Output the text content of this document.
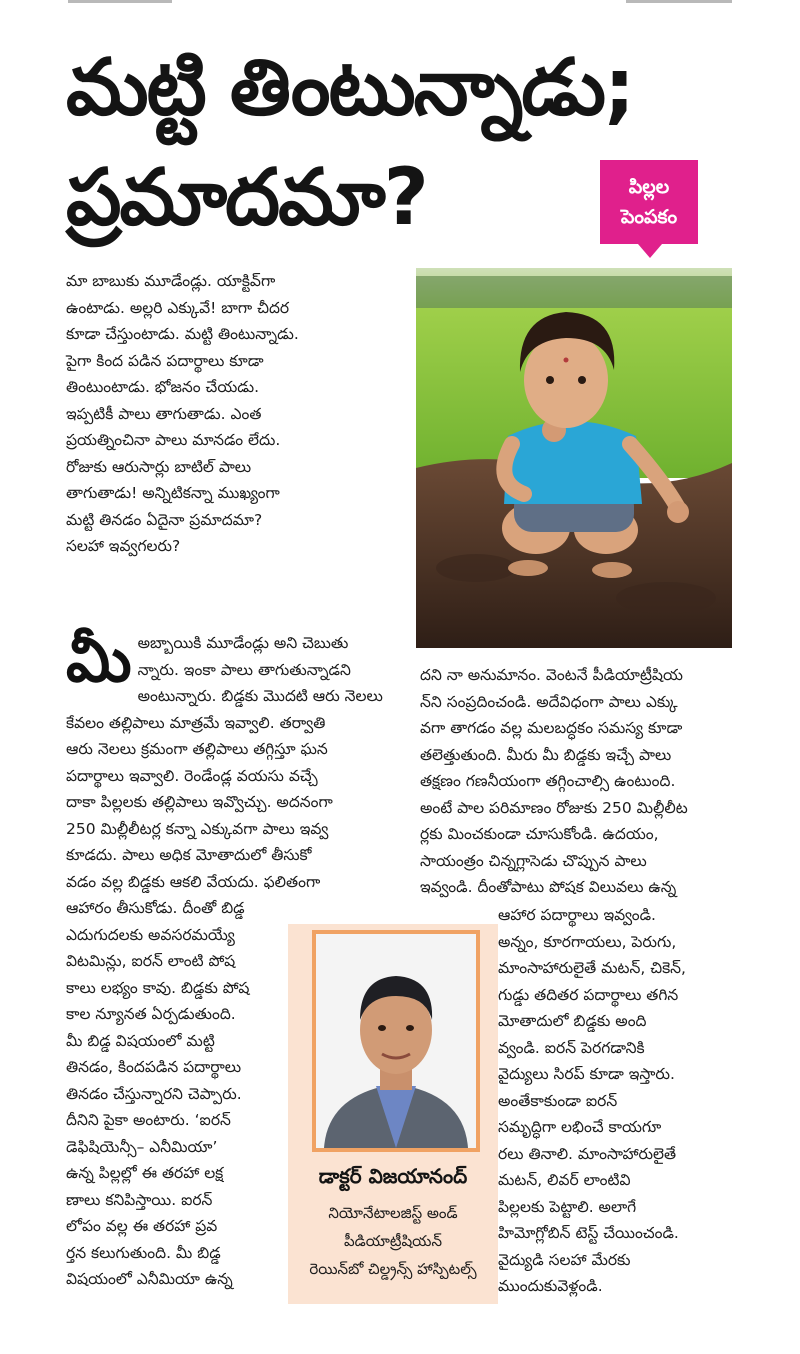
మట్టి తింటున్నాడు;
ప్రమాదమా?	పిల్లల
పెంపకం

మా బాబుకు మూడేండ్లు. యాక్టివ్‌గా

ఉంటాడు. అల్లరి ఎక్కువే! బాగా చీదర

కూడా చేస్తుంటాడు. మట్టి తింటున్నాడు.

పైగా కింద పడిన పదార్థాలు కూడా

తింటుంటాడు. భోజనం చేయడు.

ఇప్పటికీ పాలు తాగుతాడు. ఎంత

ప్రయత్నించినా పాలు మానడం లేదు.

రోజుకు ఆరుసార్లు బాటిల్ పాలు

తాగుతాడు! అన్నిటికన్నా ముఖ్యంగా

మట్టి తినడం ఏదైనా ప్రమాదమా?

సలహా ఇవ్వగలరు?

మీ అబ్బాయికి మూడేండ్లు అని చెబుతు

న్నారు. ఇంకా పాలు తాగుతున్నాడని

అంటున్నారు. బిడ్డకు మొదటి ఆరు నెలలు

కేవలం తల్లిపాలు మాత్రమే ఇవ్వాలి. తర్వాతి

ఆరు నెలలు క్రమంగా తల్లిపాలు తగ్గిస్తూ ఘన

పదార్థాలు ఇవ్వాలి. రెండేండ్ల వయసు వచ్చే

దాకా పిల్లలకు తల్లిపాలు ఇవ్వొచ్చు. అదనంగా

250 మిల్లీలీటర్ల కన్నా ఎక్కువగా పాలు ఇవ్వ

కూడదు. పాలు అధిక మోతాదులో తీసుకో

వడం వల్ల బిడ్డకు ఆకలి వేయదు. ఫలితంగా

ఆహారం తీసుకోడు. దీంతో బిడ్డ

ఎదుగుదలకు అవసరమయ్యే

విటమిన్లు, ఐరన్ లాంటి పోష

కాలు లభ్యం కావు. బిడ్డకు పోష

కాల న్యూనత ఏర్పడుతుంది.

మీ బిడ్డ విషయంలో మట్టి

తినడం, కిందపడిన పదార్థాలు

తినడం చేస్తున్నారని చెప్పారు.

దీనిని పైకా అంటారు. ‘ఐరన్

డెఫిషియెన్సీ– ఎనీమియా’

ఉన్న పిల్లల్లో ఈ తరహా లక్ష

ణాలు కనిపిస్తాయి. ఐరన్

లోపం వల్ల ఈ తరహా ప్రవ

ర్తన కలుగుతుంది. మీ బిడ్డ

విషయంలో ఎనీమియా ఉన్న

దని నా అనుమానం. వెంటనే పీడియాట్రీషియ

న్‌ని సంప్రదించండి. అదేవిధంగా పాలు ఎక్కు

వగా తాగడం వల్ల మలబద్ధకం సమస్య కూడా

తలెత్తుతుంది. మీరు మీ బిడ్డకు ఇచ్చే పాలు

తక్షణం గణనీయంగా తగ్గించాల్సి ఉంటుంది.

అంటే పాల పరిమాణం రోజుకు 250 మిల్లీలీట

ర్లకు మించకుండా చూసుకోండి. ఉదయం,

సాయంత్రం చిన్నగ్లాసెడు చొప్పున పాలు

ఇవ్వండి. దీంతోపాటు పోషక విలువలు ఉన్న

ఆహార పదార్థాలు ఇవ్వండి.

అన్నం, కూరగాయలు, పెరుగు,

మాంసాహారులైతే మటన్, చికెన్,

గుడ్డు తదితర పదార్థాలు తగిన

మోతాదులో బిడ్డకు అంది

వ్వండి. ఐరన్ పెరగడానికి

వైద్యులు సిరప్ కూడా ఇస్తారు.

అంతేకాకుండా ఐరన్

సమృద్ధిగా లభించే కాయగూ

రలు తినాలి. మాంసాహారులైతే

మటన్, లివర్ లాంటివి

పిల్లలకు పెట్టాలి. అలాగే

హిమోగ్లోబిన్ టెస్ట్ చేయించండి.

వైద్యుడి సలహా మేరకు

ముందుకువెళ్లండి.

డాక్టర్ విజయానంద్

నియోనేటాలజిస్ట్ అండ్

పీడియాట్రీషియన్

రెయిన్‌బో చిల్డ్రన్స్ హాస్పిటల్స్
